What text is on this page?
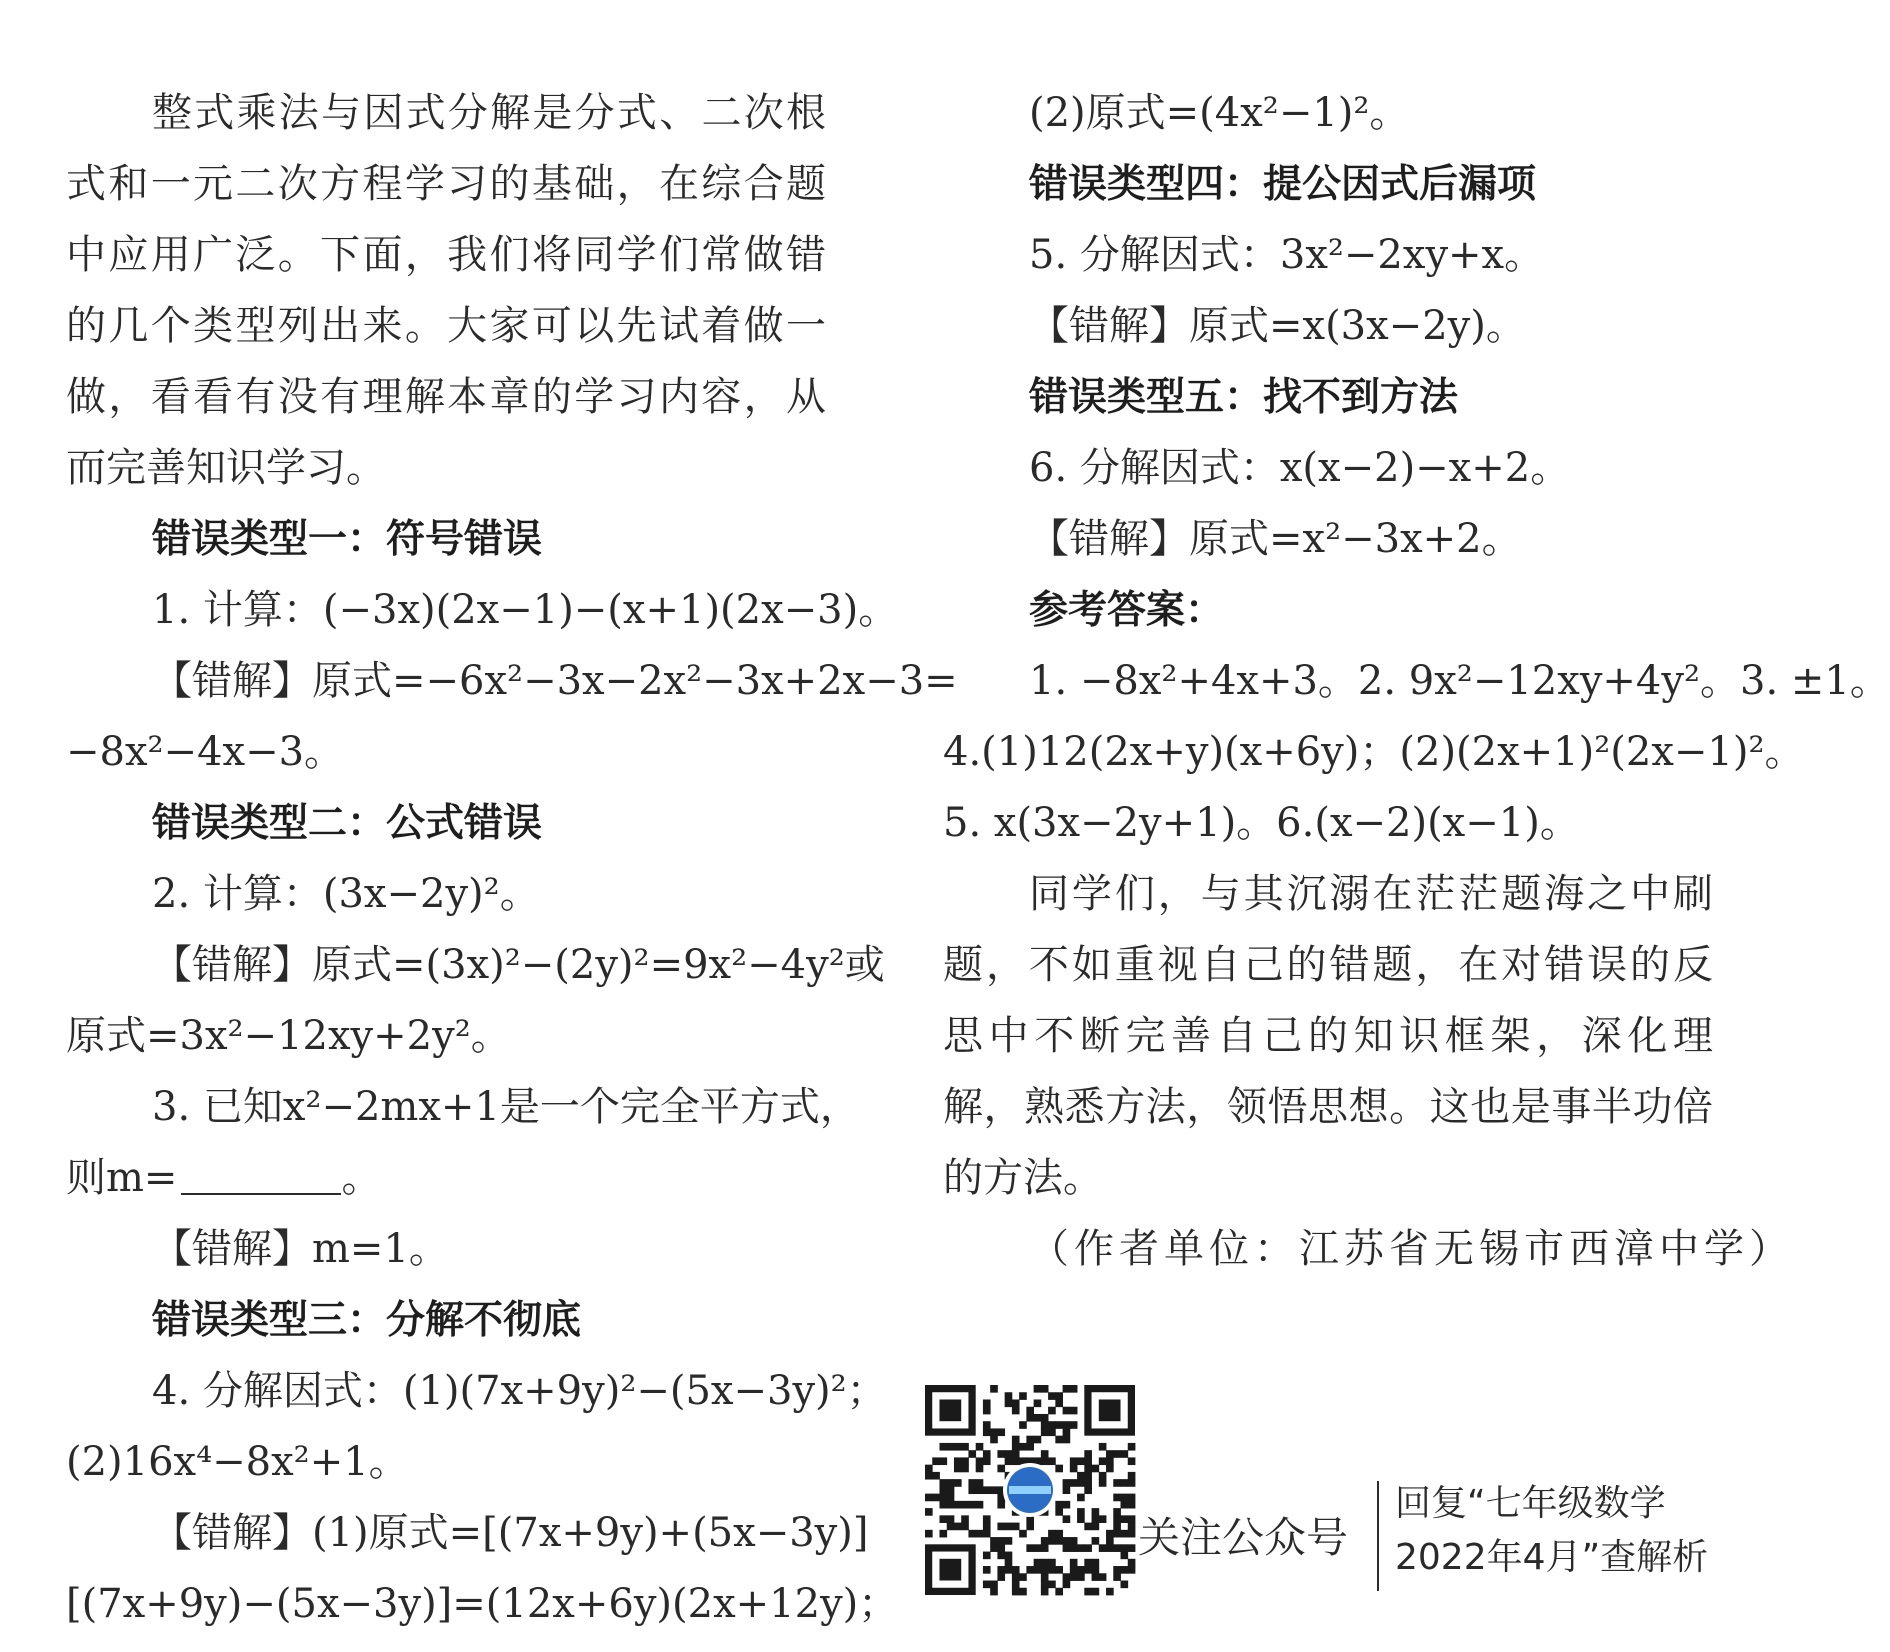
整式乘法与因式分解是分式、二次根
式和一元二次方程学习的基础，在综合题
中应用广泛。下面，我们将同学们常做错
的几个类型列出来。大家可以先试着做一
做，看看有没有理解本章的学习内容，从
而完善知识学习。
错误类型一：符号错误
1. 计算：(−3x)(2x−1)−(x+1)(2x−3)。
【错解】原式=−6x²−3x−2x²−3x+2x−3=
−8x²−4x−3。
错误类型二：公式错误
2. 计算：(3x−2y)²。
【错解】原式=(3x)²−(2y)²=9x²−4y²或
原式=3x²−12xy+2y²。
3. 已知x²−2mx+1是一个完全平方式，
则m=	。
【错解】m=1。
错误类型三：分解不彻底
4. 分解因式：(1)(7x+9y)²−(5x−3y)²；
(2)16x⁴−8x²+1。
【错解】(1)原式=[(7x+9y)+(5x−3y)]
[(7x+9y)−(5x−3y)]=(12x+6y)(2x+12y)；
(2)原式=(4x²−1)²。
错误类型四：提公因式后漏项
5. 分解因式：3x²−2xy+x。
【错解】原式=x(3x−2y)。
错误类型五：找不到方法
6. 分解因式：x(x−2)−x+2。
【错解】原式=x²−3x+2。
参考答案：
1. −8x²+4x+3。2. 9x²−12xy+4y²。3. ±1。
4.(1)12(2x+y)(x+6y)；(2)(2x+1)²(2x−1)²。
5. x(3x−2y+1)。6.(x−2)(x−1)。
同学们，与其沉溺在茫茫题海之中刷
题，不如重视自己的错题，在对错误的反
思中不断完善自己的知识框架，深化理
解，熟悉方法，领悟思想。这也是事半功倍
的方法。
（作者单位：江苏省无锡市西漳中学）
关注公众号
回复“七年级数学
2022年4月”查解析
